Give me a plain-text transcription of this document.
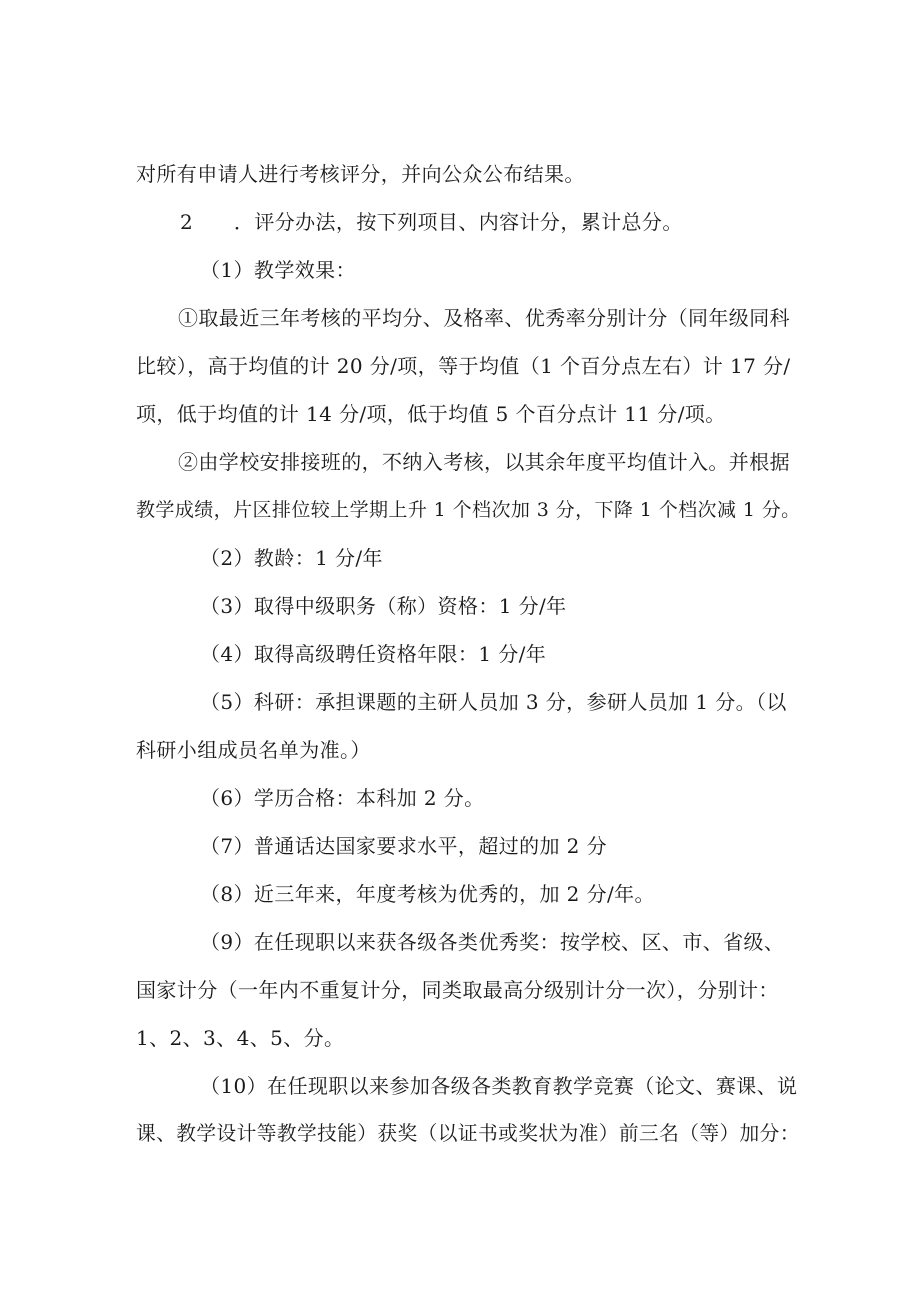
对所有申请人进行考核评分，并向公众公布结果。
2　　．评分办法，按下列项目、内容计分，累计总分。
（1）教学效果：
①取最近三年考核的平均分、及格率、优秀率分别计分（同年级同科
比较），高于均值的计 20 分/项，等于均值（1 个百分点左右）计 17 分/
项，低于均值的计 14 分/项，低于均值 5 个百分点计 11 分/项。
②由学校安排接班的，不纳入考核，以其余年度平均值计入。并根据
教学成绩，片区排位较上学期上升 1 个档次加 3 分，下降 1 个档次减 1 分。
（2）教龄：1 分/年
（3）取得中级职务（称）资格：1 分/年
（4）取得高级聘任资格年限：1 分/年
（5）科研：承担课题的主研人员加 3 分，参研人员加 1 分。（以
科研小组成员名单为准。）
（6）学历合格：本科加 2 分。
（7）普通话达国家要求水平，超过的加 2 分
（8）近三年来，年度考核为优秀的，加 2 分/年。
（9）在任现职以来获各级各类优秀奖：按学校、区、市、省级、
国家计分（一年内不重复计分，同类取最高分级别计分一次），分别计：
1、2、3、4、5、分。
（10）在任现职以来参加各级各类教育教学竞赛（论文、赛课、说
课、教学设计等教学技能）获奖（以证书或奖状为准）前三名（等）加分：
